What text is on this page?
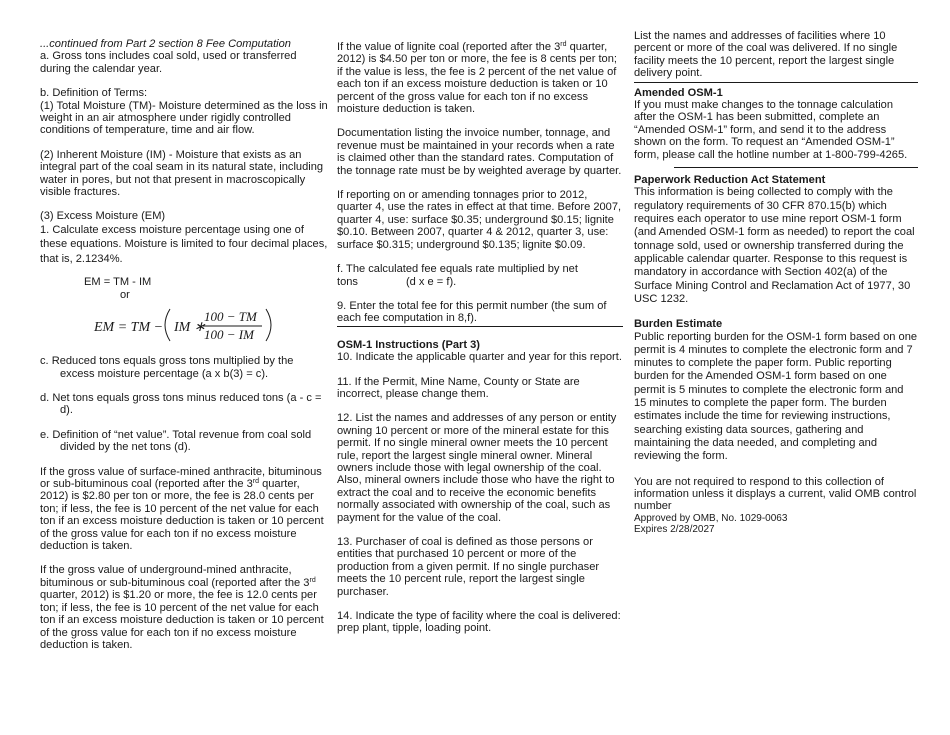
...continued from Part 2 section 8 Fee Computation

a. Gross tons includes coal sold, used or transferred during the calendar year.

b. Definition of Terms:

(1) Total Moisture (TM)- Moisture determined as the loss in weight in an air atmosphere under rigidly controlled conditions of temperature, time and air flow.

(2) Inherent Moisture (IM) - Moisture that exists as an integral part of the coal seam in its natural state, including water in pores, but not that present in macroscopically visible fractures.

(3) Excess Moisture (EM)

1. Calculate excess moisture percentage using one of these equations. Moisture is limited to four decimal places, that is, 2.1234%.

EM = TM - IM

or

EM = TM − IM ∗
100 − TM
100 − IM

c. Reduced tons equals gross tons multiplied by the excess moisture percentage (a x b(3) = c).

d. Net tons equals gross tons minus reduced tons (a - c = d).

e. Definition of “net value”. Total revenue from coal sold divided by the net tons (d).

If the gross value of surface-mined anthracite, bituminous or sub-bituminous coal (reported after the 3rd quarter, 2012) is $2.80 per ton or more, the fee is 28.0 cents per ton; if less, the fee is 10 percent of the net value for each ton if an excess moisture deduction is taken or 10 percent of the gross value for each ton if no excess moisture deduction is taken.

If the gross value of underground-mined anthracite, bituminous or sub-bituminous coal (reported after the 3rd quarter, 2012) is $1.20 or more, the fee is 12.0 cents per ton; if less, the fee is 10 percent of the net value for each ton if an excess moisture deduction is taken or 10 percent of the gross value for each ton if no excess moisture deduction is taken.

If the value of lignite coal (reported after the 3rd quarter, 2012) is $4.50 per ton or more, the fee is 8 cents per ton; if the value is less, the fee is 2 percent of the net value of each ton if an excess moisture deduction is taken or 10 percent of the gross value for each ton if no excess moisture deduction is taken.

Documentation listing the invoice number, tonnage, and revenue must be maintained in your records when a rate is claimed other than the standard rates. Computation of the tonnage rate must be by weighted average by quarter.

If reporting on or amending tonnages prior to 2012, quarter 4, use the rates in effect at that time. Before 2007, quarter 4, use: surface $0.35; underground $0.15; lignite $0.10. Between 2007, quarter 4 & 2012, quarter 3, use: surface $0.315; underground $0.135; lignite $0.09.

f. The calculated fee equals rate multiplied by net

tons	(d x e = f).

9. Enter the total fee for this permit number (the sum of each fee computation in 8,f).

OSM-1 Instructions (Part 3)

10. Indicate the applicable quarter and year for this report.

11. If the Permit, Mine Name, County or State are incorrect, please change them.

12. List the names and addresses of any person or entity owning 10 percent or more of the mineral estate for this permit. If no single mineral owner meets the 10 percent rule, report the largest single mineral owner. Mineral owners include those with legal ownership of the coal. Also, mineral owners include those who have the right to extract the coal and to receive the economic benefits normally associated with ownership of the coal, such as payment for the value of the coal.

13. Purchaser of coal is defined as those persons or entities that purchased 10 percent or more of the production from a given permit. If no single purchaser meets the 10 percent rule, report the largest single purchaser.

14. Indicate the type of facility where the coal is delivered: prep plant, tipple, loading point.

List the names and addresses of facilities where 10 percent or more of the coal was delivered. If no single facility meets the 10 percent, report the largest single delivery point.

Amended OSM-1

If you must make changes to the tonnage calculation after the OSM-1 has been submitted, complete an “Amended OSM-1” form, and send it to the address shown on the form. To request an “Amended OSM-1” form, please call the hotline number at 1-800-799-4265.

Paperwork Reduction Act Statement

This information is being collected to comply with the regulatory requirements of 30 CFR 870.15(b) which requires each operator to use mine report OSM-1 form (and Amended OSM-1 form as needed) to report the coal tonnage sold, used or ownership transferred during the applicable calendar quarter. Response to this request is mandatory in accordance with Section 402(a) of the Surface Mining Control and Reclamation Act of 1977, 30 USC 1232.

Burden Estimate

Public reporting burden for the OSM-1 form based on one permit is 4 minutes to complete the electronic form and 7 minutes to complete the paper form. Public reporting burden for the Amended OSM-1 form based on one permit is 5 minutes to complete the electronic form and 15 minutes to complete the paper form. The burden estimates include the time for reviewing instructions, searching existing data sources, gathering and maintaining the data needed, and completing and reviewing the form.

You are not required to respond to this collection of information unless it displays a current, valid OMB control number

Approved by OMB, No. 1029-0063

Expires 2/28/2027
